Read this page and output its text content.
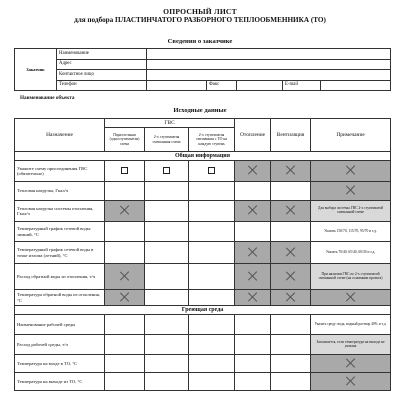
ОПРОСНЫЙ ЛИСТ
для подбора ПЛАСТИНЧАТОГО РАЗБОРНОГО ТЕПЛООБМЕННИКА (ТО)
Сведения о заказчике
Заказчик	Наименование					
	Адрес					
	Контактное лицо					
	Телефон		Факс		E-mail	
Наименование объекта
Исходные данные
Назначение	ГВС			Отопление	Вентиляция	Примечание
	Параллельная (одноступенчатая) схема	2-х ступенчатая смешанная схема	2-х ступенчатая смешанная с ТО на каждую ступень			
Общая информация						
Укажите схему присоединения ГВС (обязательно)						
Тепловая нагрузка, Гкал/ч						
Тепловая нагрузка системы отопления, Гкал/ч						Для выбора системы ГВС 2-х ступенчатой смешанной схеме
Температурный график сетевой воды: зимний, °С						Указать 150/70, 115/70, 95/70 и т.д.
Температурный график сетевой воды в точке излома (летний), °С						Указать 70/40, 65/40, 60/30 и т.д.
Расход обратной воды из отопления, т/ч						При наличии ГВС по 2-х ступенчатой смешанной схеме (на основании проекта)
Температура обратной воды из отопления, °С						
Греющая среда						
Наименование рабочей среды						Указать среду: вода, водный раствор 40% и т.д.
Расход рабочей среды, т/ч						Заполняется, если температура на выходе не указана
Температура на входе в ТО, °С						
Температура на выходе из ТО, °С						
